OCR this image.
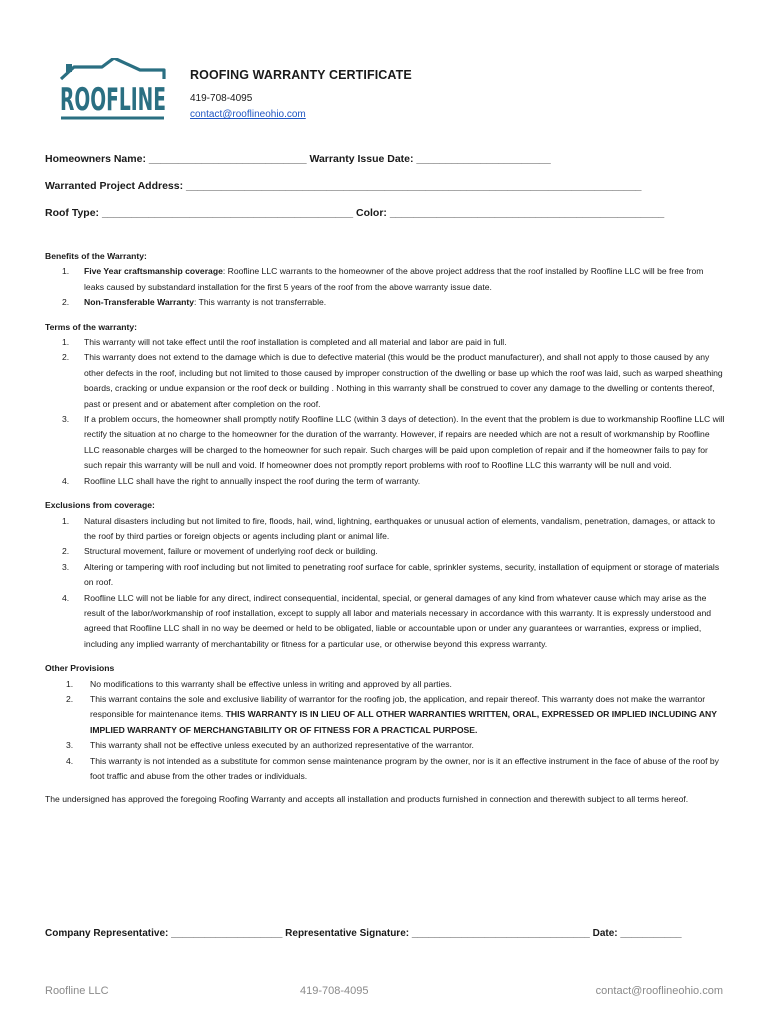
ROOFLINE
ROOFING WARRANTY CERTIFICATE
419-708-4095
contact@rooflineohio.com
Homeowners Name: ___________________________ Warranty Issue Date: _______________________
Warranted Project Address: ______________________________________________________________________________
Roof Type: ___________________________________________ Color: _______________________________________________
Benefits of the Warranty:
1. Five Year craftsmanship coverage: Roofline LLC warrants to the homeowner of the above project address that the roof installed by Roofline LLC will be free from leaks caused by substandard installation for the first 5 years of the roof from the above warranty issue date.
2. Non-Transferable Warranty: This warranty is not transferrable.
Terms of the warranty:
1. This warranty will not take effect until the roof installation is completed and all material and labor are paid in full.
2. This warranty does not extend to the damage which is due to defective material (this would be the product manufacturer), and shall not apply to those caused by any other defects in the roof, including but not limited to those caused by improper construction of the dwelling or base up which the roof was laid, such as warped sheathing boards, cracking or undue expansion or the roof deck or building . Nothing in this warranty shall be construed to cover any damage to the dwelling or contents thereof, past or present and or abatement after completion on the roof.
3. If a problem occurs, the homeowner shall promptly notify Roofline LLC (within 3 days of detection). In the event that the problem is due to workmanship Roofline LLC will rectify the situation at no charge to the homeowner for the duration of the warranty. However, if repairs are needed which are not a result of workmanship by Roofline LLC reasonable charges will be charged to the homeowner for such repair. Such charges will be paid upon completion of repair and if the homeowner fails to pay for such repair this warranty will be null and void. If homeowner does not promptly report problems with roof to Roofline LLC this warranty will be null and void.
4. Roofline LLC shall have the right to annually inspect the roof during the term of warranty.
Exclusions from coverage:
1. Natural disasters including but not limited to fire, floods, hail, wind, lightning, earthquakes or unusual action of elements, vandalism, penetration, damages, or attack to the roof by third parties or foreign objects or agents including plant or animal life.
2. Structural movement, failure or movement of underlying roof deck or building.
3. Altering or tampering with roof including but not limited to penetrating roof surface for cable, sprinkler systems, security, installation of equipment or storage of materials on roof.
4. Roofline LLC will not be liable for any direct, indirect consequential, incidental, special, or general damages of any kind from whatever cause which may arise as the result of the labor/workmanship of roof installation, except to supply all labor and materials necessary in accordance with this warranty. It is expressly understood and agreed that Roofline LLC shall in no way be deemed or held to be obligated, liable or accountable upon or under any guarantees or warranties, express or implied, including any implied warranty of merchantability or fitness for a particular use, or otherwise beyond this express warranty.
Other Provisions
1. No modifications to this warranty shall be effective unless in writing and approved by all parties.
2. This warrant contains the sole and exclusive liability of warrantor for the roofing job, the application, and repair thereof. This warranty does not make the warrantor responsible for maintenance items. THIS WARRANTY IS IN LIEU OF ALL OTHER WARRANTIES WRITTEN, ORAL, EXPRESSED OR IMPLIED INCLUDING ANY IMPLIED WARRANTY OF MERCHANGTABILITY OR OF FITNESS FOR A PRACTICAL PURPOSE.
3. This warranty shall not be effective unless executed by an authorized representative of the warrantor.
4. This warranty is not intended as a substitute for common sense maintenance program by the owner, nor is it an effective instrument in the face of abuse of the roof by foot traffic and abuse from the other trades or individuals.
The undersigned has approved the foregoing Roofing Warranty and accepts all installation and products furnished in connection and therewith subject to all terms hereof.
Company Representative: ____________________ Representative Signature: ________________________________ Date: ___________
Roofline LLC	419-708-4095	contact@rooflineohio.com
